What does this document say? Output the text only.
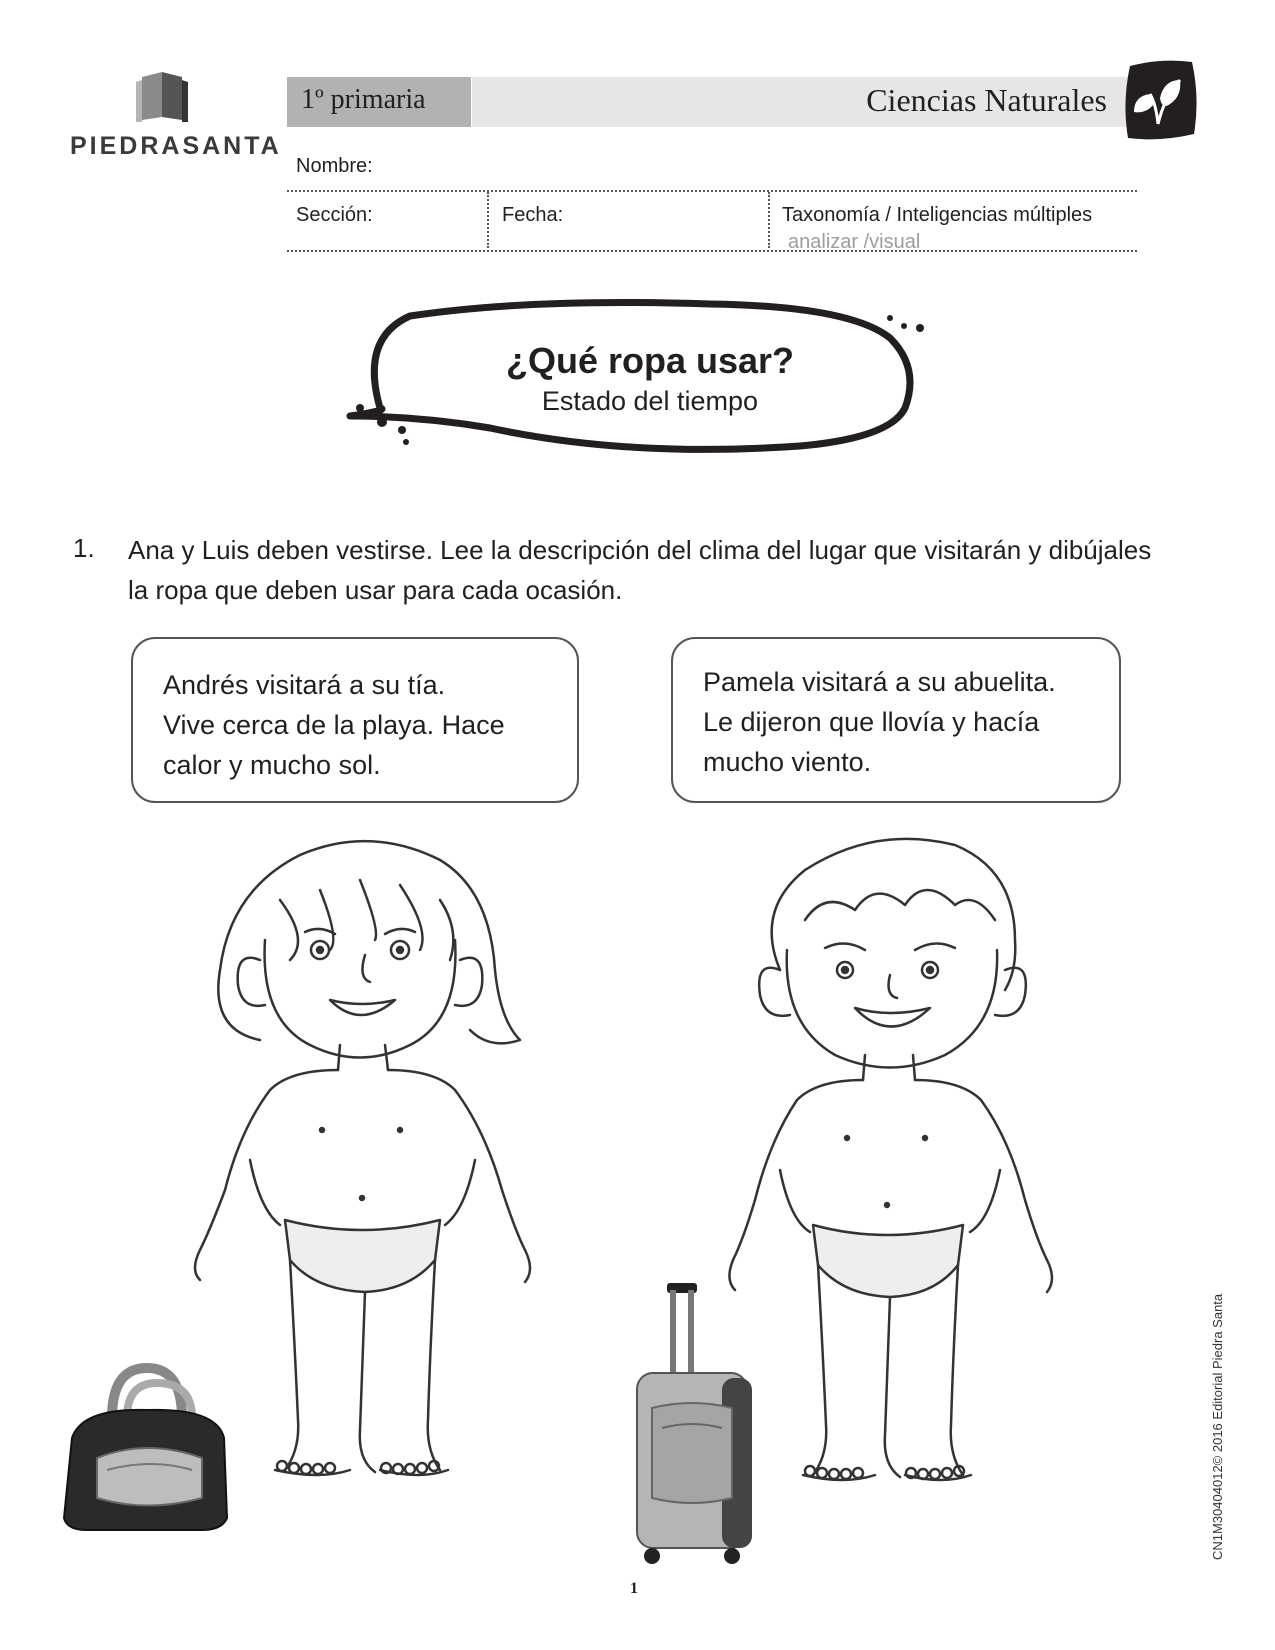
PIEDRASANTA
1º primaria	Ciencias Naturales
Nombre:
Sección:	Fecha:	Taxonomía / Inteligencias múltiples
analizar /visual
¿Qué ropa usar?
Estado del tiempo
1. Ana y Luis deben vestirse. Lee la descripción del clima del lugar que visitarán y dibújales la ropa que deben usar para cada ocasión.
Andrés visitará a su tía.
Vive cerca de la playa. Hace
calor y mucho sol.
Pamela visitará a su abuelita.
Le dijeron que llovía y hacía
mucho viento.
1
CN1M30404012© 2016 Editorial Piedra Santa
